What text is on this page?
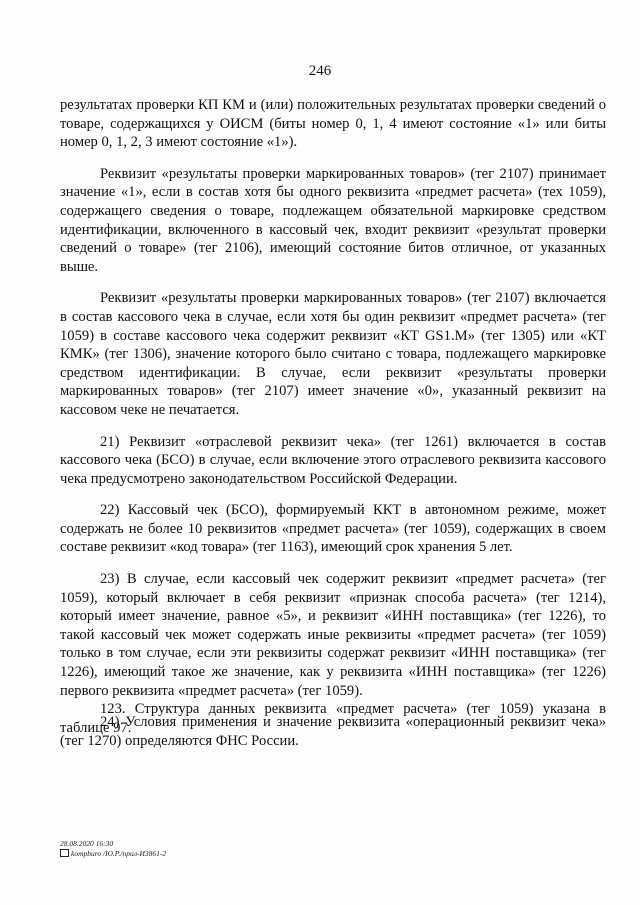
246

результатах проверки КП КМ и (или) положительных результатах проверки сведений о товаре, содержащихся у ОИСМ (биты номер 0, 1, 4 имеют состояние «1» или биты номер 0, 1, 2, 3 имеют состояние «1»).

Реквизит «результаты проверки маркированных товаров» (тег 2107) принимает значение «1», если в состав хотя бы одного реквизита «предмет расчета» (тех 1059), содержащего сведения о товаре, подлежащем обязательной маркировке средством идентификации, включенного в кассовый чек, входит реквизит «результат проверки сведений о товаре» (тег 2106), имеющий состояние битов отличное, от указанных выше.

Реквизит «результаты проверки маркированных товаров» (тег 2107) включается в состав кассового чека в случае, если хотя бы один реквизит «предмет расчета» (тег 1059) в составе кассового чека содержит реквизит «КТ GS1.M» (тег 1305) или «КТ КМК» (тег 1306), значение которого было считано с товара, подлежащего маркировке средством идентификации. В случае, если реквизит «результаты проверки маркированных товаров» (тег 2107) имеет значение «0», указанный реквизит на кассовом чеке не печатается.

21) Реквизит «отраслевой реквизит чека» (тег 1261) включается в состав кассового чека (БСО) в случае, если включение этого отраслевого реквизита кассового чека предусмотрено законодательством Российской Федерации.

22) Кассовый чек (БСО), формируемый ККТ в автономном режиме, может содержать не более 10 реквизитов «предмет расчета» (тег 1059), содержащих в своем составе реквизит «код товара» (тег 1163), имеющий срок хранения 5 лет.

23) В случае, если кассовый чек содержит реквизит «предмет расчета» (тег 1059), который включает в себя реквизит «признак способа расчета» (тег 1214), который имеет значение, равное «5», и реквизит «ИНН поставщика» (тег 1226), то такой кассовый чек может содержать иные реквизиты «предмет расчета» (тег 1059) только в том случае, если эти реквизиты содержат реквизит «ИНН поставщика» (тег 1226), имеющий такое же значение, как у реквизита «ИНН поставщика» (тег 1226) первого реквизита «предмет расчета» (тег 1059).

24) Условия применения и значение реквизита «операционный реквизит чека» (тег 1270) определяются ФНС России.

123. Структура данных реквизита «предмет расчета» (тег 1059) указана в таблице 97.
28.08.2020 16:30
kompburo /Ю.Р./прил-И3861-2
